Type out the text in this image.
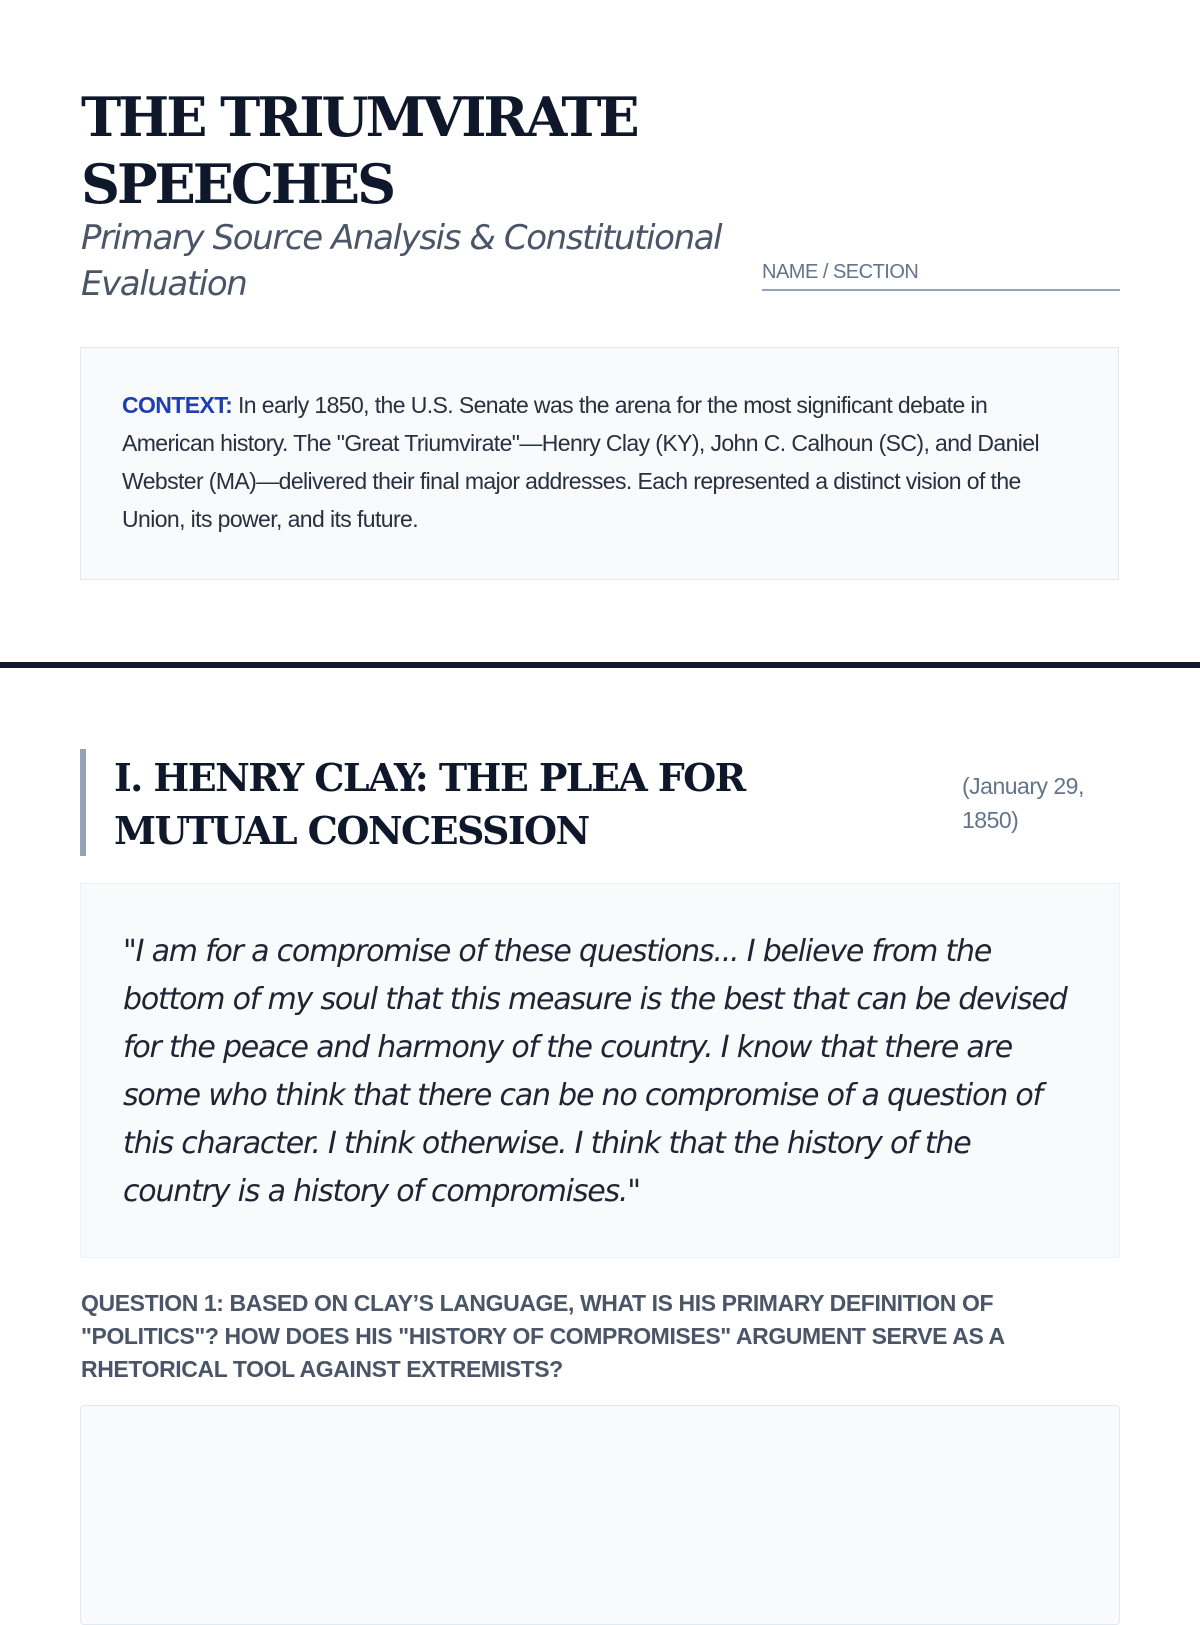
THE TRIUMVIRATE SPEECHES

Primary Source Analysis & Constitutional Evaluation	NAME / SECTION

CONTEXT: In early 1850, the U.S. Senate was the arena for the most significant debate in American history. The "Great Triumvirate"—Henry Clay (KY), John C. Calhoun (SC), and Daniel Webster (MA)—delivered their final major addresses. Each represented a distinct vision of the Union, its power, and its future.

I. HENRY CLAY: THE PLEA FOR MUTUAL CONCESSION
(January 29, 1850)

"I am for a compromise of these questions... I believe from the bottom of my soul that this measure is the best that can be devised for the peace and harmony of the country. I know that there are some who think that there can be no compromise of a question of this character. I think otherwise. I think that the history of the country is a history of compromises."

QUESTION 1: BASED ON CLAY’S LANGUAGE, WHAT IS HIS PRIMARY DEFINITION OF "POLITICS"? HOW DOES HIS "HISTORY OF COMPROMISES" ARGUMENT SERVE AS A RHETORICAL TOOL AGAINST EXTREMISTS?
